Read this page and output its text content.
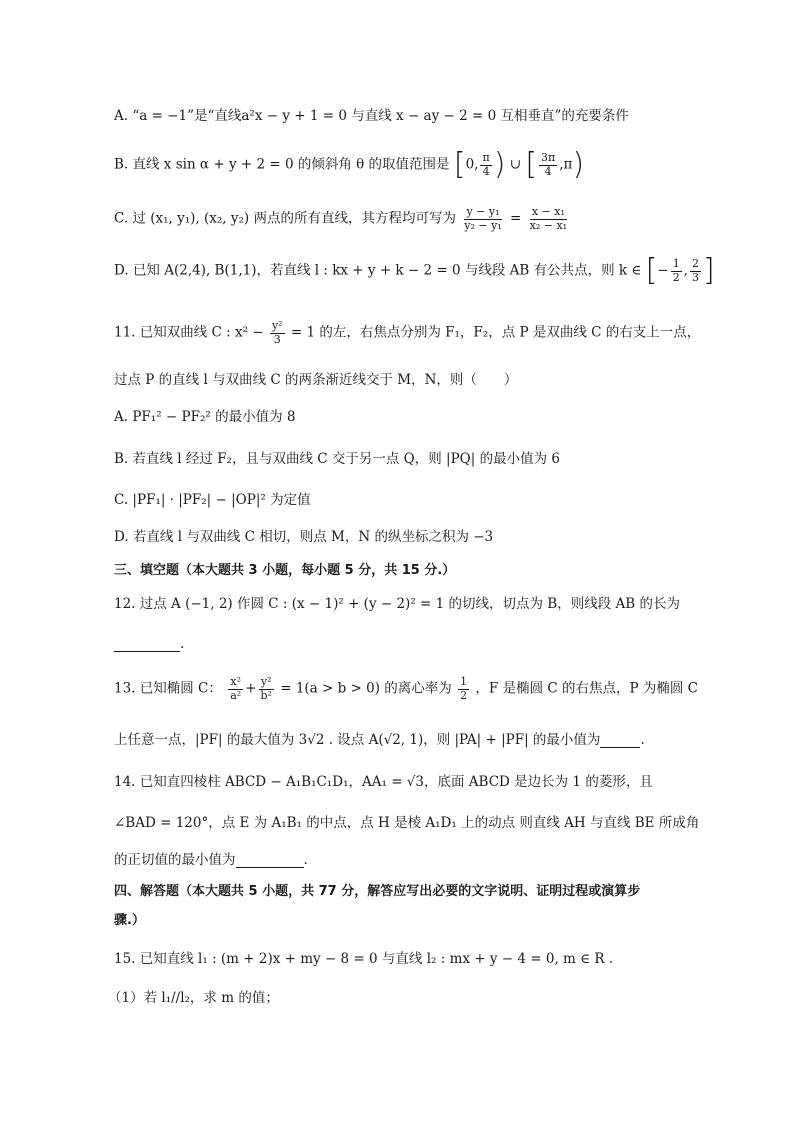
A. “a = −1”是“直线a²x − y + 1 = 0 与直线 x − ay − 2 = 0 互相垂直”的充要条件
B. 直线 x sin α + y + 2 = 0 的倾斜角 θ 的取值范围是 [0, $\frac{\pi}{4}$ ) ∪ [ $\frac{3\pi}{4} ,\pi$)
C. 过 (x₁, y₁), (x₂, y₂) 两点的所有直线，其方程均可写为 $\frac{\text{y − y₁}}{\text{y₂ − y₁}} = \frac{\text{x − x₁}}{\text{x₂ − x₁}}$
D. 已知 A(2,4), B(1,1)，若直线 l : kx + y + k − 2 = 0 与线段 AB 有公共点，则 k ∈ [− $\frac{1}{2}$ , $\frac{2}{3}$ ]
11. 已知双曲线 C : $x^2 - \frac{\text{y²}}{3} = 1$ 的左，右焦点分别为 F₁，F₂，点 P 是双曲线 C 的右支上一点，
过点 P 的直线 l 与双曲线 C 的两条渐近线交于 M，N，则（　　）
A. PF₁² − PF₂² 的最小值为 8
B. 若直线 l 经过 F₂，且与双曲线 C 交于另一点 Q，则 |PQ| 的最小值为 6
C. |PF₁| · |PF₂| − |OP|² 为定值
D. 若直线 l 与双曲线 C 相切，则点 M，N 的纵坐标之积为 −3
三、填空题（本大题共 3 小题，每小题 5 分，共 15 分.）
12. 过点 A (−1, 2) 作圆 C : (x − 1)² + (y − 2)² = 1 的切线，切点为 B，则线段 AB 的长为
.
13. 已知椭圆 C： $\frac{\text{x²}}{\text{a²}} + \frac{\text{y²}}{\text{b²}} = 1(a > b > 0)$ 的离心率为 $\frac{1}{2}$ ，F 是椭圆 C 的右焦点，P 为椭圆 C
上任意一点，|PF| 的最大值为 3√2 . 设点 A(√2, 1)，则 |PA| + |PF| 的最小值为	.
14. 已知直四棱柱 ABCD − A₁B₁C₁D₁，AA₁ = √3，底面 ABCD 是边长为 1 的菱形，且
∠BAD = 120°，点 E 为 A₁B₁ 的中点，点 H 是棱 A₁D₁ 上的动点 则直线 AH 与直线 BE 所成角
的正切值的最小值为	.
四、解答题（本大题共 5 小题，共 77 分，解答应写出必要的文字说明、证明过程或演算步
骤.）
15. 已知直线 l₁ : (m + 2)x + my − 8 = 0 与直线 l₂ : mx + y − 4 = 0, m ∈ R .
（1）若 l₁//l₂，求 m 的值；
